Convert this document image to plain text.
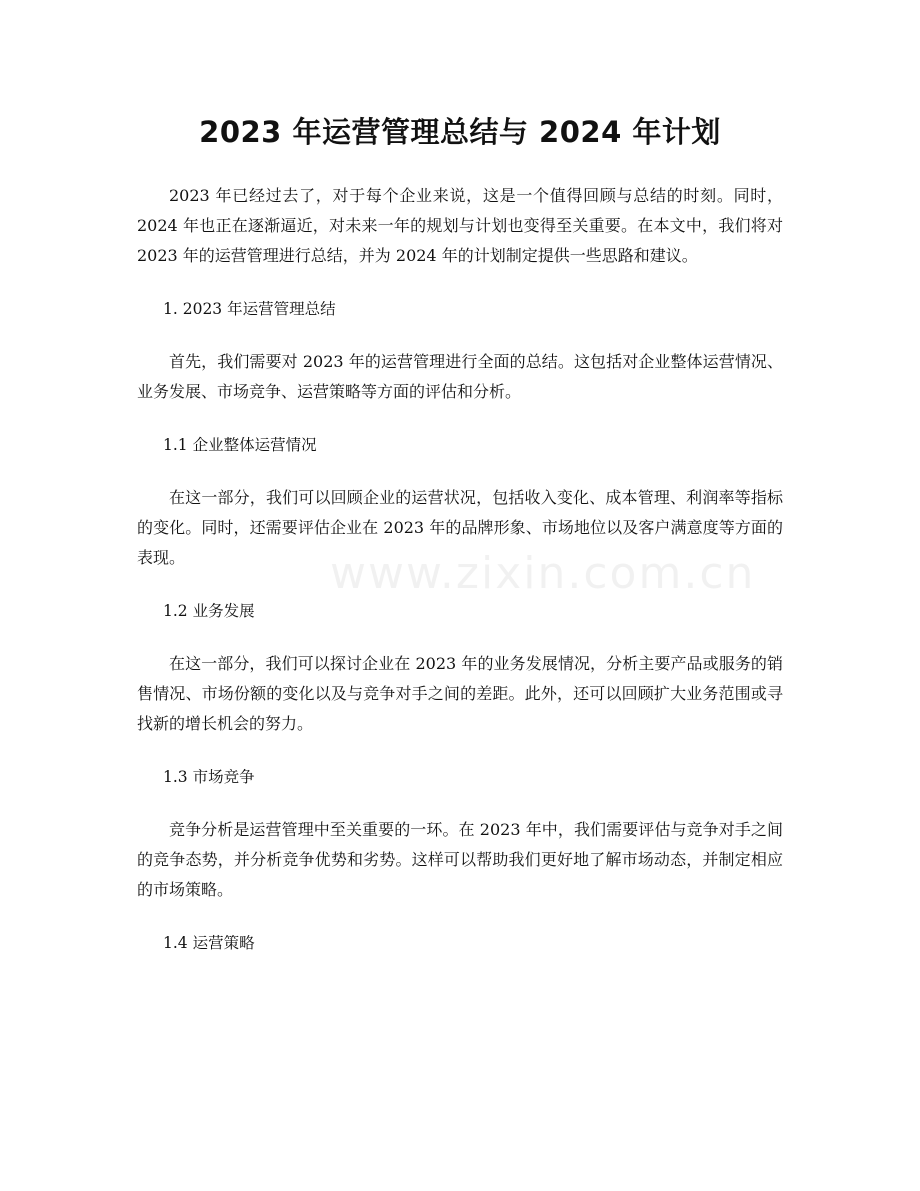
2023 年运营管理总结与 2024 年计划

2023 年已经过去了，对于每个企业来说，这是一个值得回顾与总结的时刻。同时，2024 年也正在逐渐逼近，对未来一年的规划与计划也变得至关重要。在本文中，我们将对 2023 年的运营管理进行总结，并为 2024 年的计划制定提供一些思路和建议。

1. 2023 年运营管理总结

首先，我们需要对 2023 年的运营管理进行全面的总结。这包括对企业整体运营情况、业务发展、市场竞争、运营策略等方面的评估和分析。

1.1 企业整体运营情况

在这一部分，我们可以回顾企业的运营状况，包括收入变化、成本管理、利润率等指标的变化。同时，还需要评估企业在 2023 年的品牌形象、市场地位以及客户满意度等方面的表现。

1.2 业务发展

在这一部分，我们可以探讨企业在 2023 年的业务发展情况，分析主要产品或服务的销售情况、市场份额的变化以及与竞争对手之间的差距。此外，还可以回顾扩大业务范围或寻找新的增长机会的努力。

1.3 市场竞争

竞争分析是运营管理中至关重要的一环。在 2023 年中，我们需要评估与竞争对手之间的竞争态势，并分析竞争优势和劣势。这样可以帮助我们更好地了解市场动态，并制定相应的市场策略。

1.4 运营策略

www.zixin.com.cn
